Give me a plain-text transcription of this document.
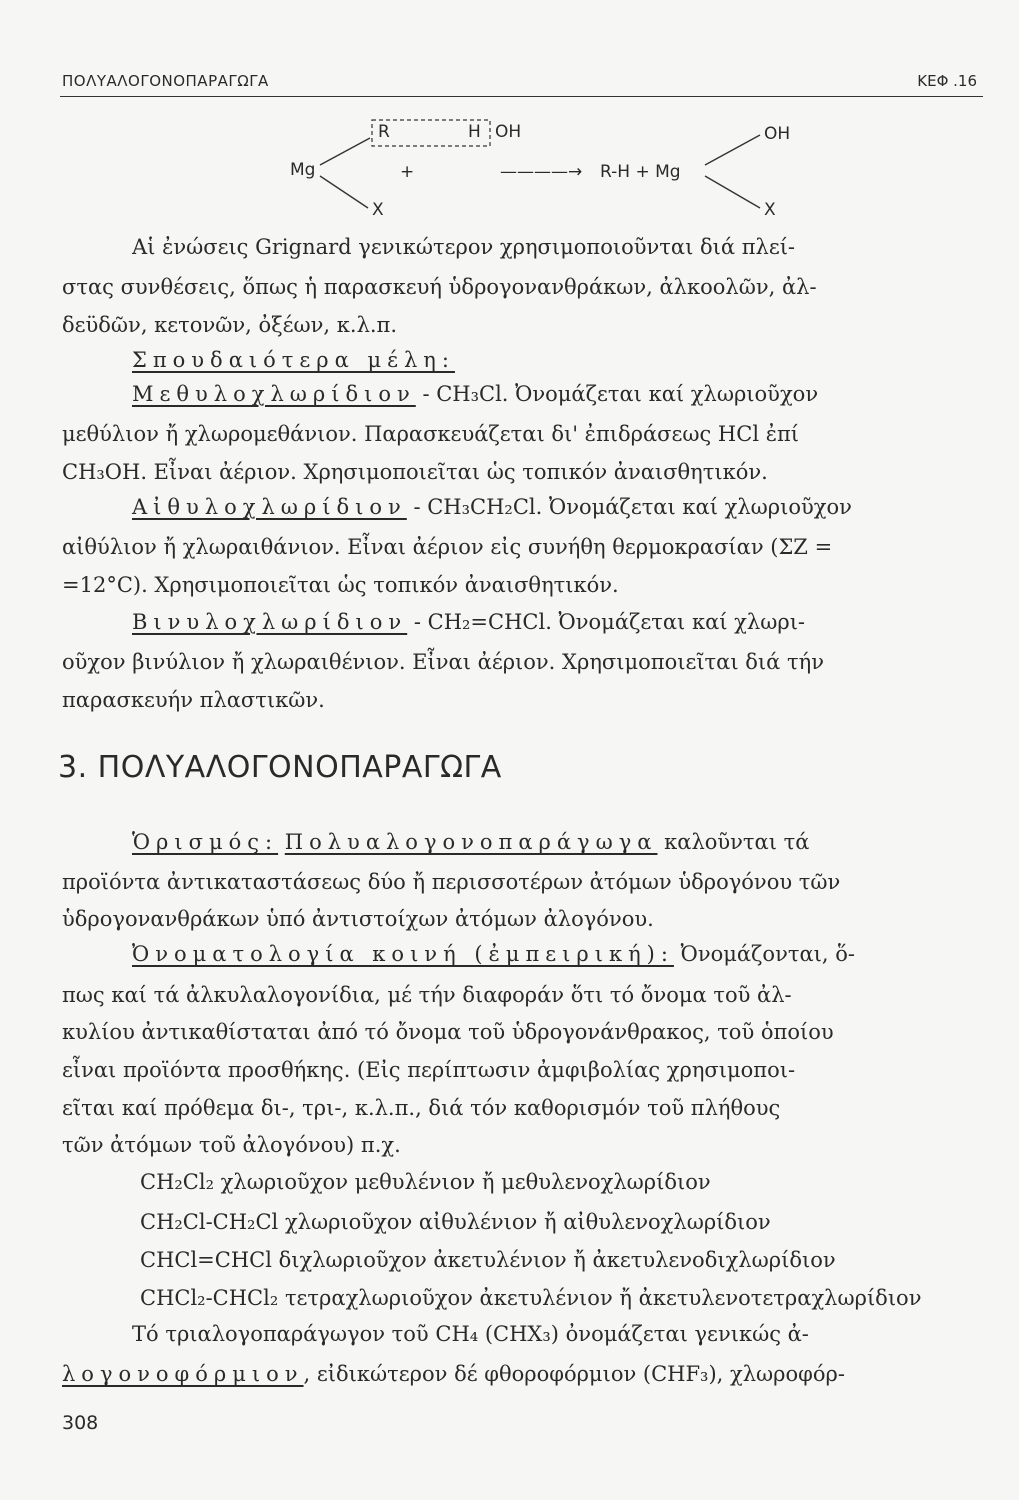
ΠΟΛΥΑΛΟΓΟΝΟΠΑΡΑΓΩΓΑ	ΚΕΦ .16
Mg
R	H OH
X
+	————→ R-H + Mg
OH
X
Αἱ ἐνώσεις Grignard γενικώτερον χρησιμοποιοῦνται διά πλεί-
στας συνθέσεις, ὅπως ἡ παρασκευή ὑδρογονανθράκων, ἀλκοολῶν, ἀλ-
δεϋδῶν, κετονῶν, ὀξέων, κ.λ.π.
Σπουδαιότερα μέλη:
Μεθυλοχλωρίδιον - CH₃Cl. Ὀνομάζεται καί χλωριοῦχον
μεθύλιον ἤ χλωρομεθάνιον. Παρασκευάζεται δι' ἐπιδράσεως HCl ἐπί
CH₃OH. Εἶναι ἀέριον. Χρησιμοποιεῖται ὡς τοπικόν ἀναισθητικόν.
Αἰθυλοχλωρίδιον - CH₃CH₂Cl. Ὀνομάζεται καί χλωριοῦχον
αἰθύλιον ἤ χλωραιθάνιον. Εἶναι ἀέριον εἰς συνήθη θερμοκρασίαν (ΣΖ =
=12°C). Χρησιμοποιεῖται ὡς τοπικόν ἀναισθητικόν.
Βινυλοχλωρίδιον - CH₂=CHCl. Ὀνομάζεται καί χλωρι-
οῦχον βινύλιον ἤ χλωραιθένιον. Εἶναι ἀέριον. Χρησιμοποιεῖται διά τήν
παρασκευήν πλαστικῶν.
3. ΠΟΛΥΑΛΟΓΟΝΟΠΑΡΑΓΩΓΑ
Ὁρισμός: Πολυαλογονοπαράγωγα καλοῦνται τά
προϊόντα ἀντικαταστάσεως δύο ἤ περισσοτέρων ἀτόμων ὑδρογόνου τῶν
ὑδρογονανθράκων ὑπό ἀντιστοίχων ἀτόμων ἀλογόνου.
Ὀνοματολογία κοινή (ἐμπειρική): Ὀνομάζονται, ὅ-
πως καί τά ἀλκυλαλογονίδια, μέ τήν διαφοράν ὅτι τό ὄνομα τοῦ ἀλ-
κυλίου ἀντικαθίσταται ἀπό τό ὄνομα τοῦ ὑδρογονάνθρακος, τοῦ ὁποίου
εἶναι προϊόντα προσθήκης. (Εἰς περίπτωσιν ἀμφιβολίας χρησιμοποι-
εῖται καί πρόθεμα δι-, τρι-, κ.λ.π., διά τόν καθορισμόν τοῦ πλήθους
τῶν ἀτόμων τοῦ ἀλογόνου) π.χ.
CH₂Cl₂ χλωριοῦχον μεθυλένιον ἤ μεθυλενοχλωρίδιον
CH₂Cl-CH₂Cl χλωριοῦχον αἰθυλένιον ἤ αἰθυλενοχλωρίδιον
CHCl=CHCl διχλωριοῦχον ἀκετυλένιον ἤ ἀκετυλενοδιχλωρίδιον
CHCl₂-CHCl₂ τετραχλωριοῦχον ἀκετυλένιον ἤ ἀκετυλενοτετραχλωρίδιον
Τό τριαλογοπαράγωγον τοῦ CH₄ (CHX₃) ὀνομάζεται γενικώς ἀ-
λογονοφόρμιον, εἰδικώτερον δέ φθοροφόρμιον (CHF₃), χλωροφόρ-
308
